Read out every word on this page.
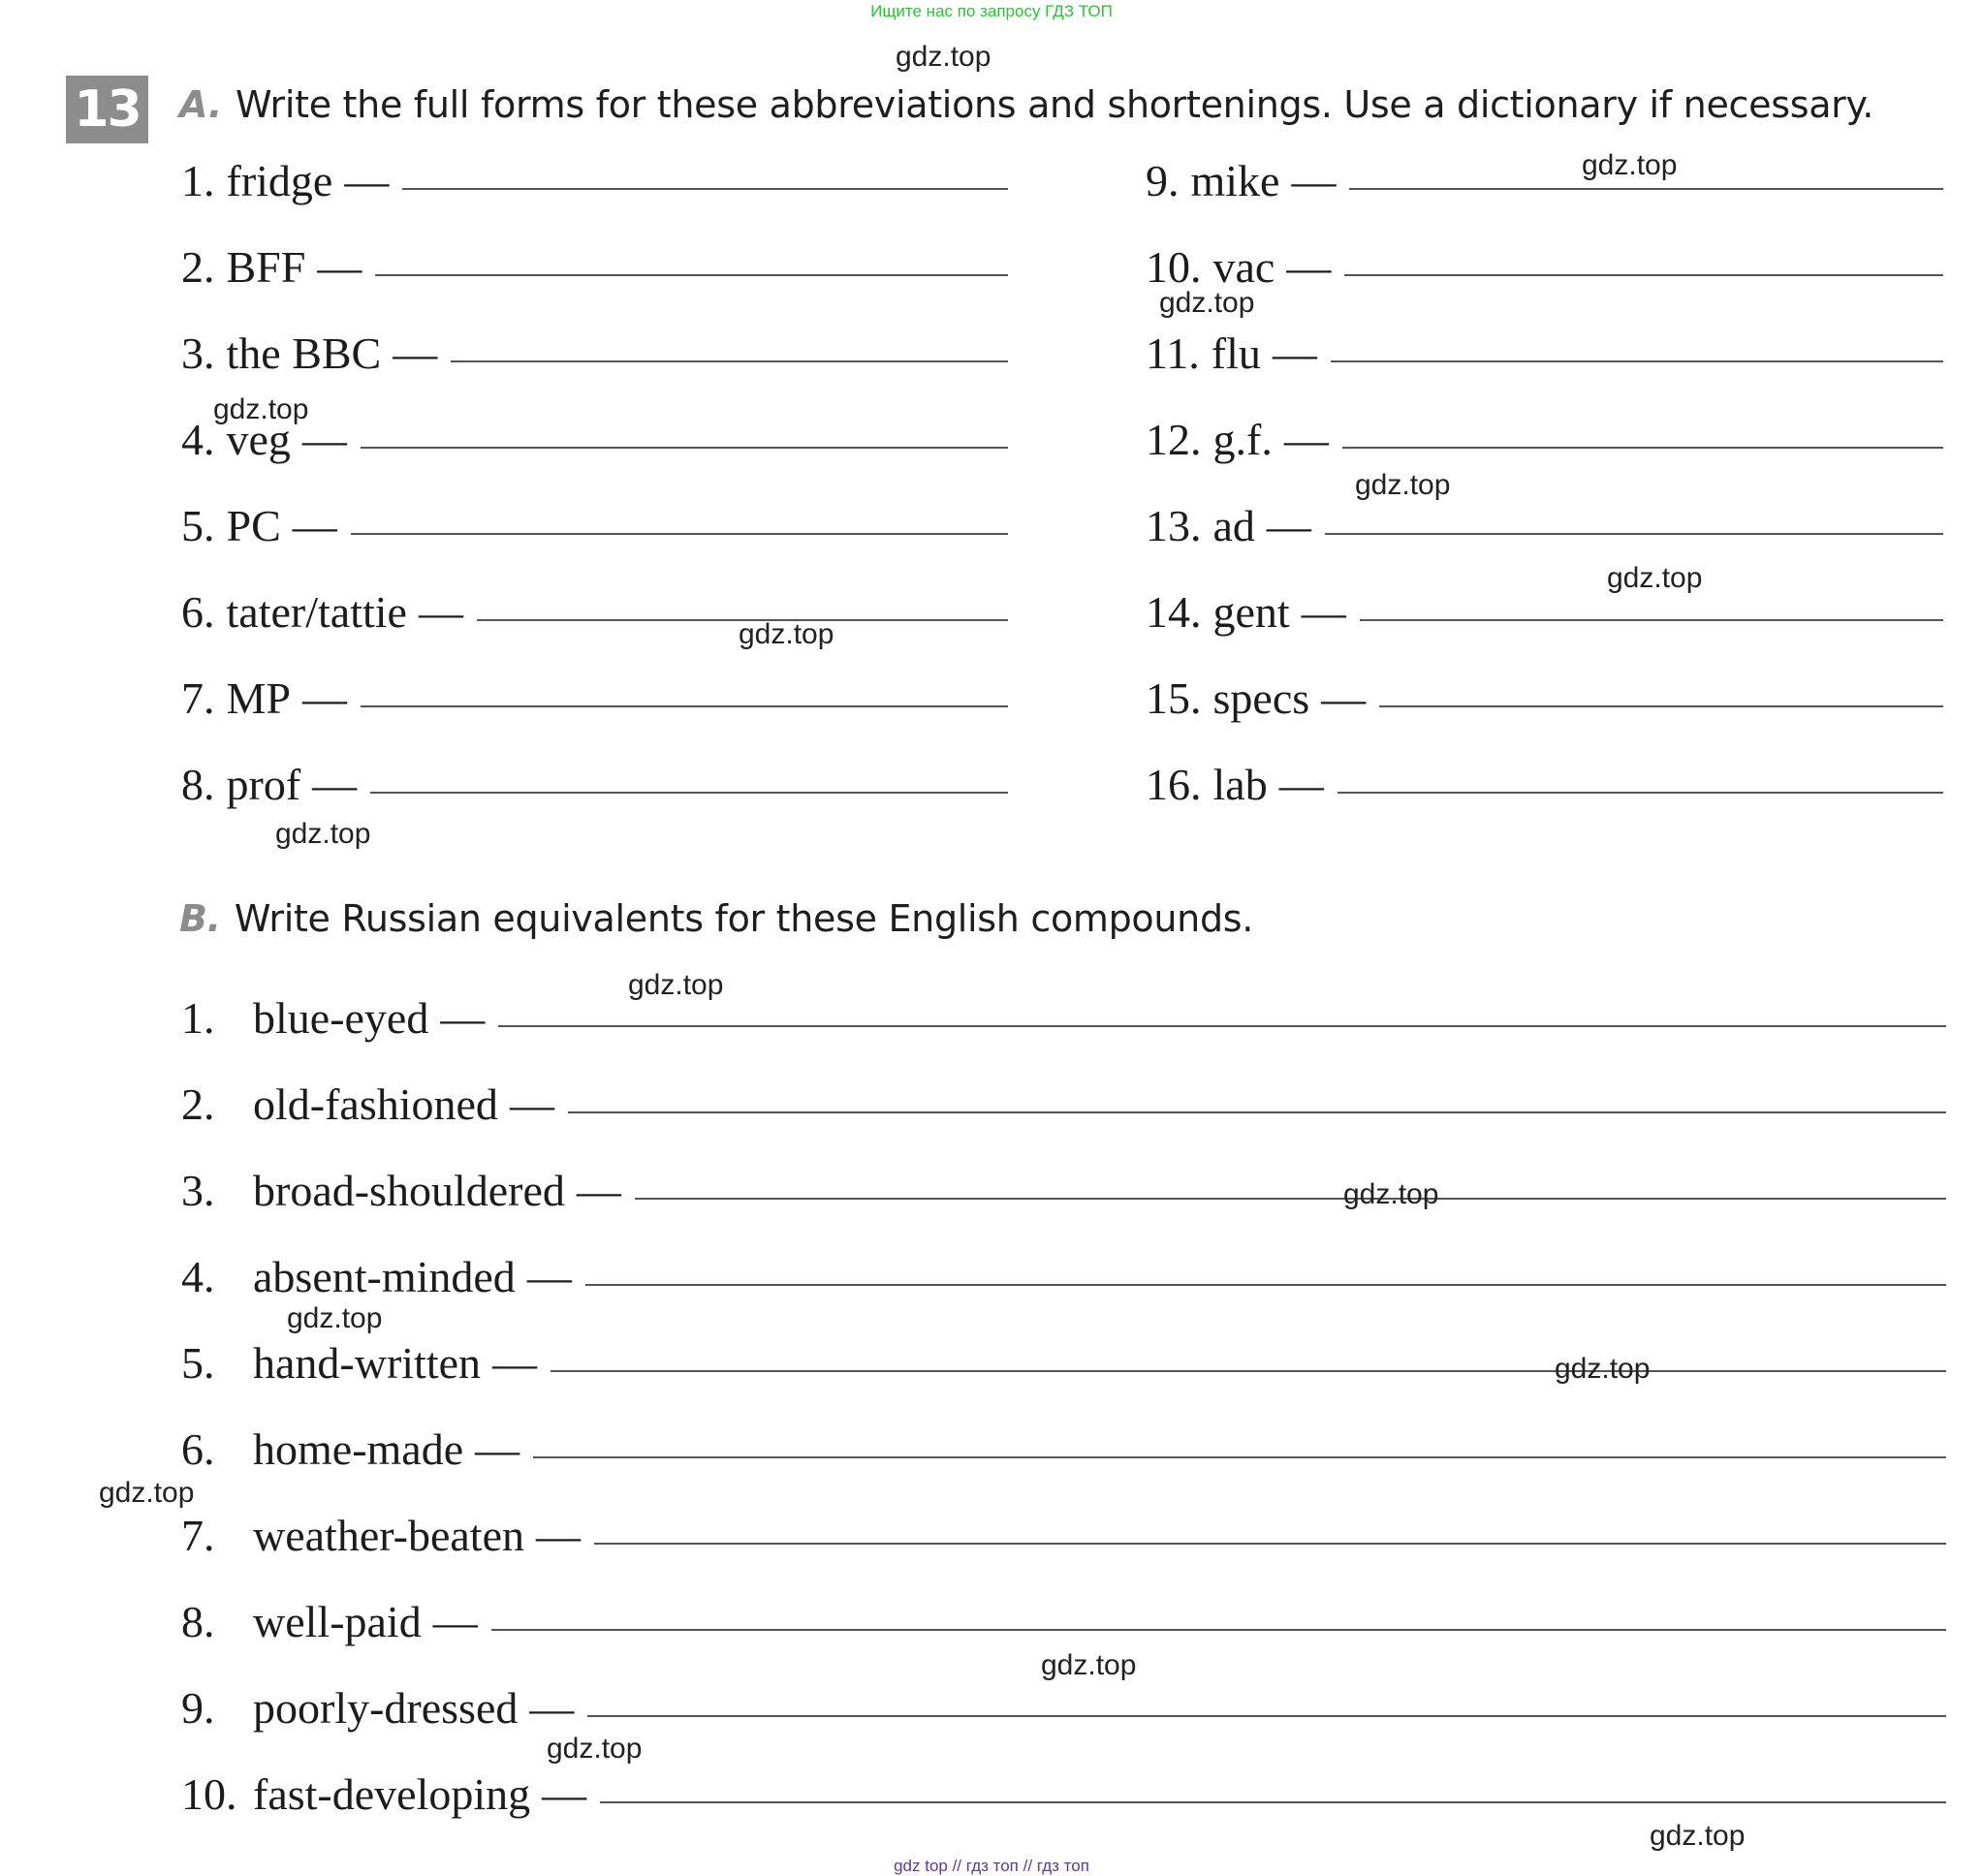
Ищите нас по запросу ГДЗ ТОП
13 A. Write the full forms for these abbreviations and shortenings. Use a dictionary if necessary.
1. fridge —
2. BFF —
3. the BBC —
4. veg —
5. PC —
6. tater/tattie —
7. MP —
8. prof —
9. mike —
10. vac —
11. flu —
12. g.f. —
13. ad —
14. gent —
15. specs —
16. lab —
B. Write Russian equivalents for these English compounds.
1. blue-eyed —
2. old-fashioned —
3. broad-shouldered —
4. absent-minded —
5. hand-written —
6. home-made —
7. weather-beaten —
8. well-paid —
9. poorly-dressed —
10. fast-developing —
gdz.top
gdz.top
gdz.top
gdz.top
gdz.top
gdz.top
gdz.top
gdz.top
gdz.top
gdz.top
gdz.top
gdz.top
gdz.top
gdz.top
gdz.top
gdz.top
gdz top // гдз топ // гдз топ
